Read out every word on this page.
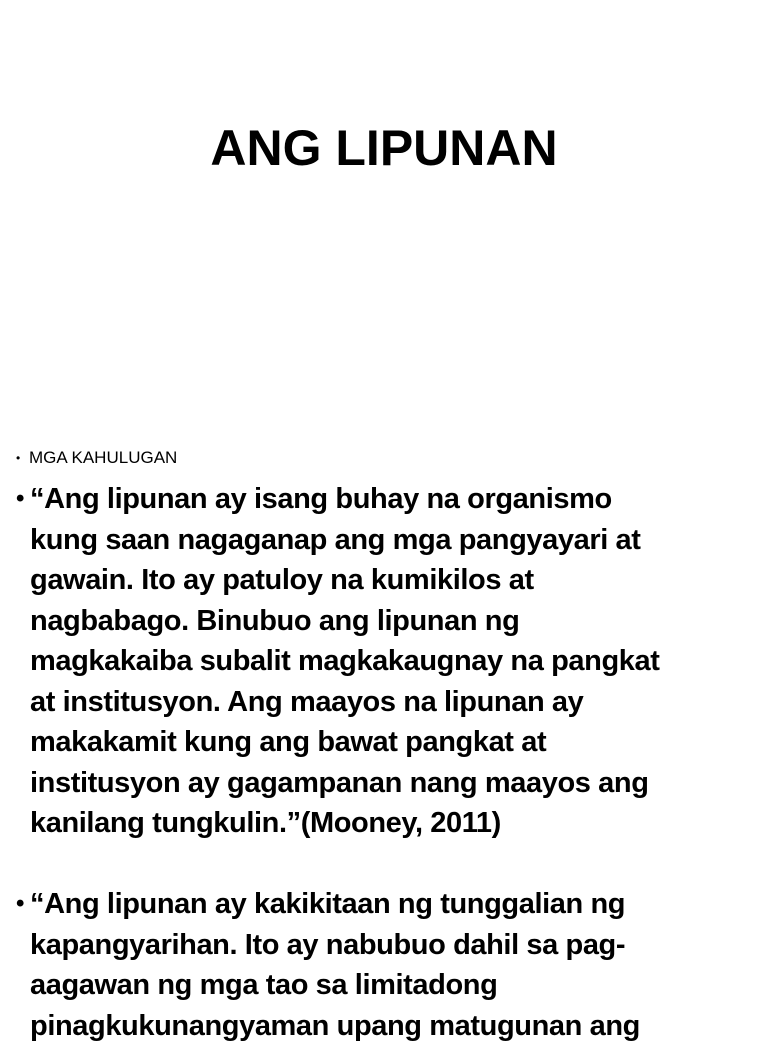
ANG LIPUNAN
• MGA KAHULUGAN
• “Ang lipunan ay isang buhay na organismo
kung saan nagaganap ang mga pangyayari at
gawain. Ito ay patuloy na kumikilos at
nagbabago. Binubuo ang lipunan ng
magkakaiba subalit magkakaugnay na pangkat
at institusyon. Ang maayos na lipunan ay
makakamit kung ang bawat pangkat at
institusyon ay gagampanan nang maayos ang
kanilang tungkulin.”(Mooney, 2011)
• “Ang lipunan ay kakikitaan ng tunggalian ng
kapangyarihan. Ito ay nabubuo dahil sa pag-
aagawan ng mga tao sa limitadong
pinagkukunangyaman upang matugunan ang
